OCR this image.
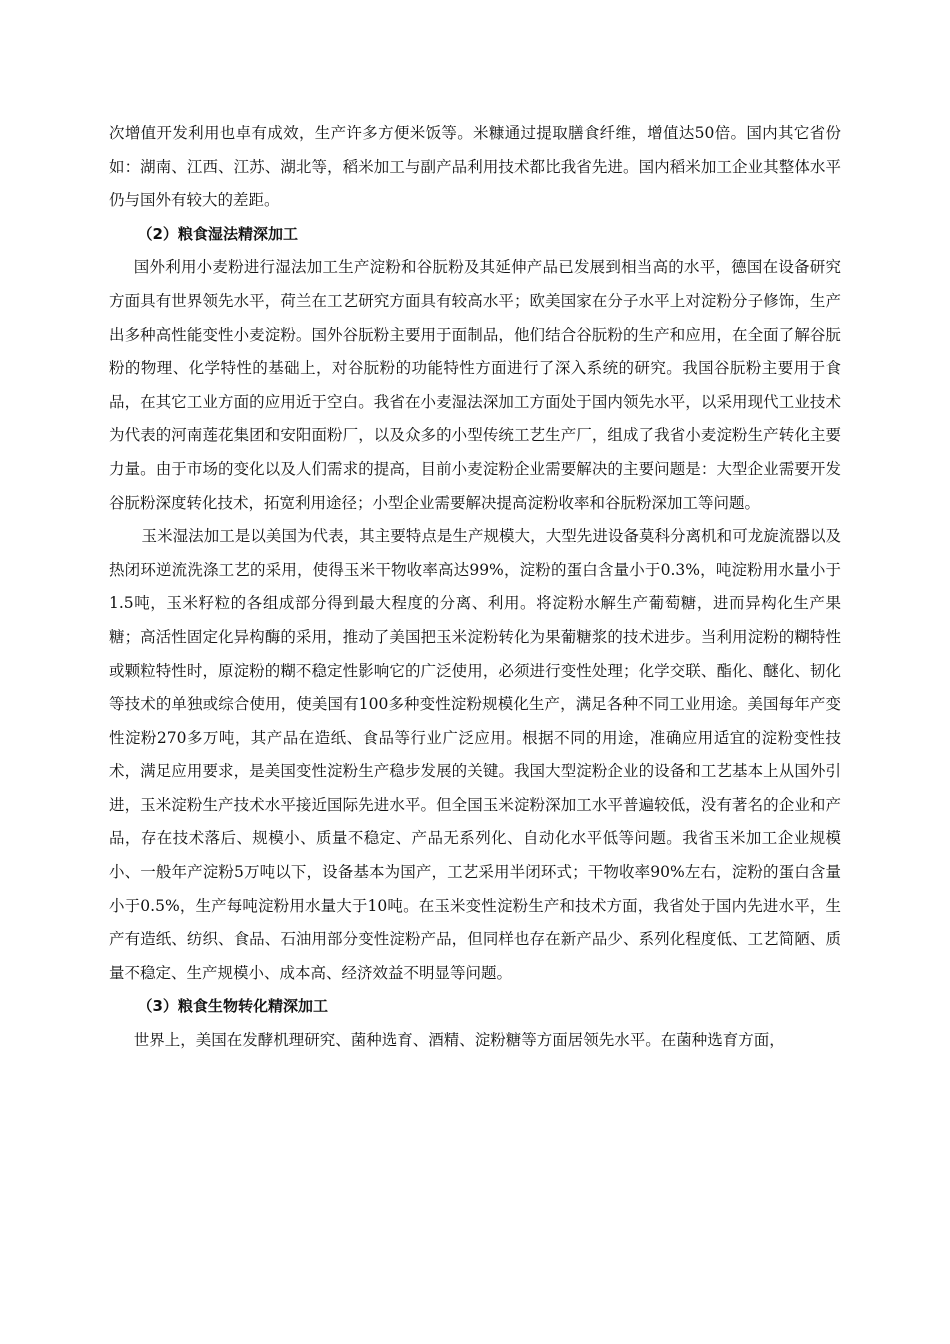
次增值开发利用也卓有成效，生产许多方便米饭等。米糠通过提取膳食纤维，增值达50倍。国内其它省份如：湖南、江西、江苏、湖北等，稻米加工与副产品利用技术都比我省先进。国内稻米加工企业其整体水平仍与国外有较大的差距。

（2）粮食湿法精深加工

国外利用小麦粉进行湿法加工生产淀粉和谷朊粉及其延伸产品已发展到相当高的水平，德国在设备研究方面具有世界领先水平，荷兰在工艺研究方面具有较高水平；欧美国家在分子水平上对淀粉分子修饰，生产出多种高性能变性小麦淀粉。国外谷朊粉主要用于面制品，他们结合谷朊粉的生产和应用，在全面了解谷朊粉的物理、化学特性的基础上，对谷朊粉的功能特性方面进行了深入系统的研究。我国谷朊粉主要用于食品，在其它工业方面的应用近于空白。我省在小麦湿法深加工方面处于国内领先水平，以采用现代工业技术为代表的河南莲花集团和安阳面粉厂，以及众多的小型传统工艺生产厂，组成了我省小麦淀粉生产转化主要力量。由于市场的变化以及人们需求的提高，目前小麦淀粉企业需要解决的主要问题是：大型企业需要开发谷朊粉深度转化技术，拓宽利用途径；小型企业需要解决提高淀粉收率和谷朊粉深加工等问题。

玉米湿法加工是以美国为代表，其主要特点是生产规模大，大型先进设备莫科分离机和可龙旋流器以及热闭环逆流洗涤工艺的采用，使得玉米干物收率高达99%，淀粉的蛋白含量小于0.3%，吨淀粉用水量小于1.5吨，玉米籽粒的各组成部分得到最大程度的分离、利用。将淀粉水解生产葡萄糖，进而异构化生产果糖；高活性固定化异构酶的采用，推动了美国把玉米淀粉转化为果葡糖浆的技术进步。当利用淀粉的糊特性或颗粒特性时，原淀粉的糊不稳定性影响它的广泛使用，必须进行变性处理；化学交联、酯化、醚化、韧化等技术的单独或综合使用，使美国有100多种变性淀粉规模化生产，满足各种不同工业用途。美国每年产变性淀粉270多万吨，其产品在造纸、食品等行业广泛应用。根据不同的用途，准确应用适宜的淀粉变性技术，满足应用要求，是美国变性淀粉生产稳步发展的关键。我国大型淀粉企业的设备和工艺基本上从国外引进，玉米淀粉生产技术水平接近国际先进水平。但全国玉米淀粉深加工水平普遍较低，没有著名的企业和产品，存在技术落后、规模小、质量不稳定、产品无系列化、自动化水平低等问题。我省玉米加工企业规模小、一般年产淀粉5万吨以下，设备基本为国产，工艺采用半闭环式；干物收率90%左右，淀粉的蛋白含量小于0.5%，生产每吨淀粉用水量大于10吨。在玉米变性淀粉生产和技术方面，我省处于国内先进水平，生产有造纸、纺织、食品、石油用部分变性淀粉产品，但同样也存在新产品少、系列化程度低、工艺简陋、质量不稳定、生产规模小、成本高、经济效益不明显等问题。

（3）粮食生物转化精深加工

世界上，美国在发酵机理研究、菌种选育、酒精、淀粉糖等方面居领先水平。在菌种选育方面，
